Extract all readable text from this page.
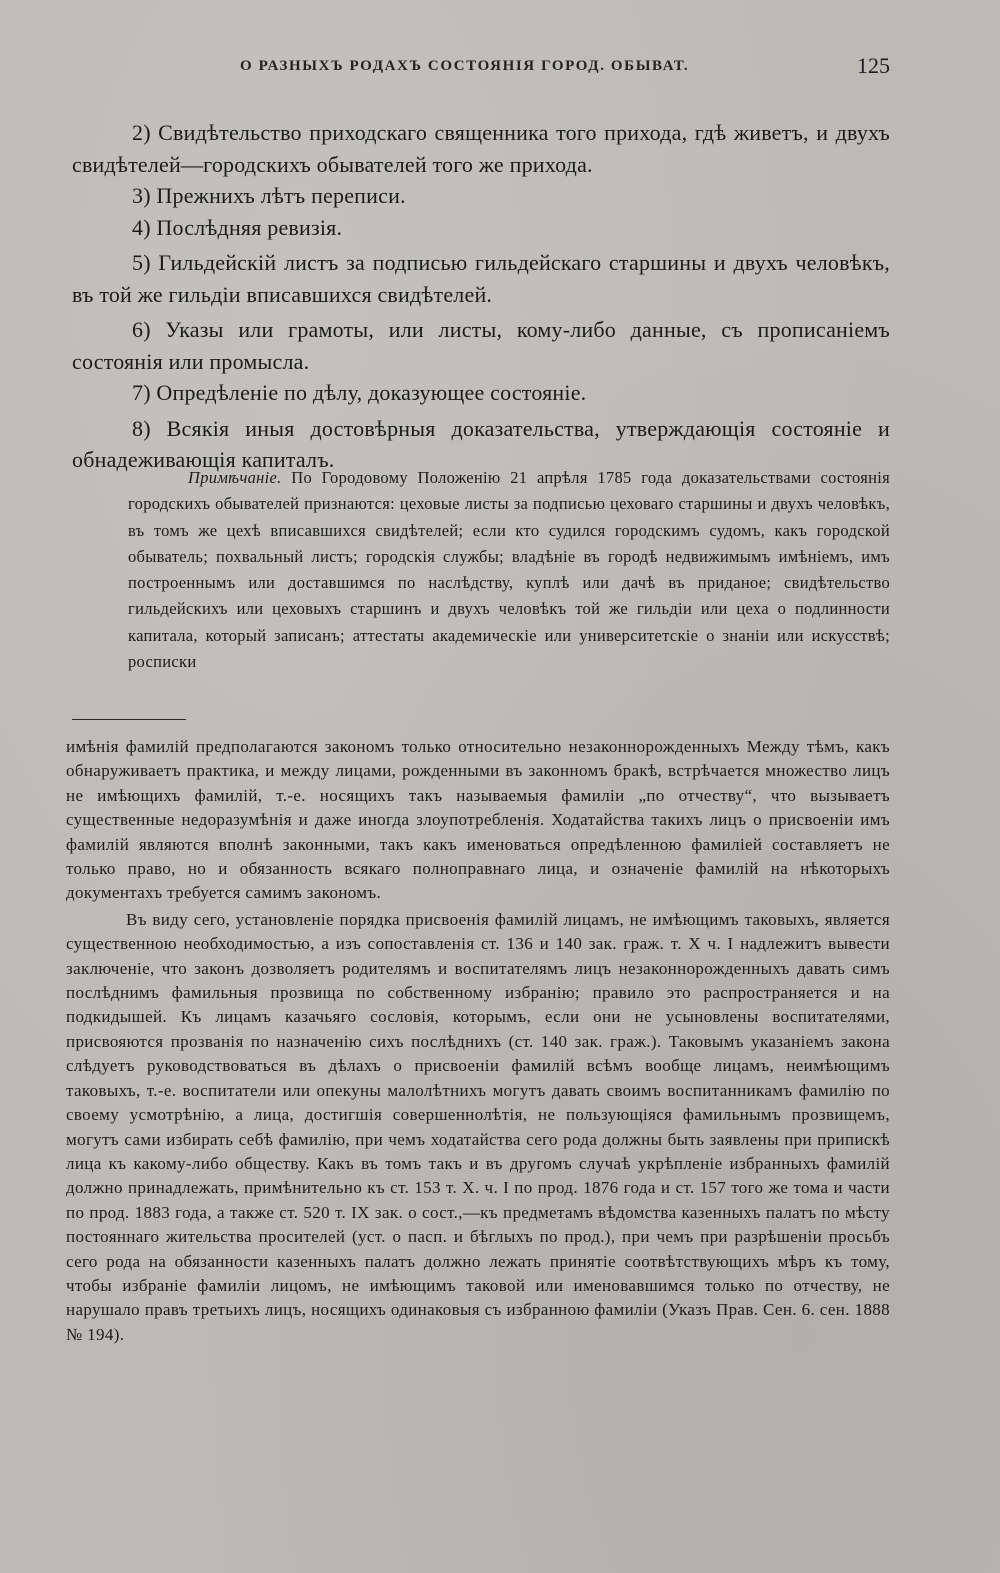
О РАЗНЫХЪ РОДАХЪ СОСТОЯНІЯ ГОРОД. ОБЫВАТ.	125

2) Свидѣтельство приходскаго священника того прихода, гдѣ живетъ, и двухъ свидѣтелей—городскихъ обывателей того же прихода.

3) Прежнихъ лѣтъ переписи.

4) Послѣдняя ревизія.

5) Гильдейскій листъ за подписью гильдейскаго старшины и двухъ человѣкъ, въ той же гильдіи вписавшихся свидѣтелей.

6) Указы или грамоты, или листы, кому-либо данные, съ прописаніемъ состоянія или промысла.

7) Опредѣленіе по дѣлу, доказующее состояніе.

8) Всякія иныя достовѣрныя доказательства, утверждающія состояніе и обнадеживающія капиталъ.

Примѣчаніе. По Городовому Положенію 21 апрѣля 1785 года доказательствами состоянія городскихъ обывателей признаются: цеховые листы за подписью цеховаго старшины и двухъ человѣкъ, въ томъ же цехѣ вписавшихся свидѣтелей; если кто судился городскимъ судомъ, какъ городской обыватель; похвальный листъ; городскія службы; владѣніе въ городѣ недвижимымъ имѣніемъ, имъ построеннымъ или доставшимся по наслѣдству, куплѣ или дачѣ въ приданое; свидѣтельство гильдейскихъ или цеховыхъ старшинъ и двухъ человѣкъ той же гильдіи или цеха о подлинности капитала, который записанъ; аттестаты академическіе или университетскіе о знаніи или искусствѣ; росписки

имѣнія фамилій предполагаются закономъ только относительно незаконнорожденныхъ Между тѣмъ, какъ обнаруживаетъ практика, и между лицами, рожденными въ законномъ бракѣ, встрѣчается множество лицъ не имѣющихъ фамилій, т.-е. носящихъ такъ называемыя фамиліи „по отчеству“, что вызываетъ существенные недоразумѣнія и даже иногда злоупотребленія. Ходатайства такихъ лицъ о присвоеніи имъ фамилій являются вполнѣ законными, такъ какъ именоваться опредѣленною фамиліей составляетъ не только право, но и обязанность всякаго полноправнаго лица, и означеніе фамилій на нѣкоторыхъ документахъ требуется самимъ закономъ.

Въ виду сего, установленіе порядка присвоенія фамилій лицамъ, не имѣющимъ таковыхъ, является существенною необходимостью, а изъ сопоставленія ст. 136 и 140 зак. граж. т. X ч. I надлежитъ вывести заключеніе, что законъ дозволяетъ родителямъ и воспитателямъ лицъ незаконнорожденныхъ давать симъ послѣднимъ фамильныя прозвища по собственному избранію; правило это распространяется и на подкидышей. Къ лицамъ казачьяго сословія, которымъ, если они не усыновлены воспитателями, присвояются прозванія по назначенію сихъ послѣднихъ (ст. 140 зак. граж.). Таковымъ указаніемъ закона слѣдуетъ руководствоваться въ дѣлахъ о присвоеніи фамилій всѣмъ вообще лицамъ, неимѣющимъ таковыхъ, т.-е. воспитатели или опекуны малолѣтнихъ могутъ давать своимъ воспитанникамъ фамилію по своему усмотрѣнію, а лица, достигшія совершеннолѣтія, не пользующіяся фамильнымъ прозвищемъ, могутъ сами избирать себѣ фамилію, при чемъ ходатайства сего рода должны быть заявлены при припискѣ лица къ какому-либо обществу. Какъ въ томъ такъ и въ другомъ случаѣ укрѣпленіе избранныхъ фамилій должно принадлежать, примѣнительно къ ст. 153 т. X. ч. I по прод. 1876 года и ст. 157 того же тома и части по прод. 1883 года, а также ст. 520 т. IX зак. о сост.,—къ предметамъ вѣдомства казенныхъ палатъ по мѣсту постояннаго жительства просителей (уст. о пасп. и бѣглыхъ по прод.), при чемъ при разрѣшеніи просьбъ сего рода на обязанности казенныхъ палатъ должно лежать принятіе соотвѣтствующихъ мѣръ къ тому, чтобы избраніе фамиліи лицомъ, не имѣющимъ таковой или именовавшимся только по отчеству, не нарушало правъ третьихъ лицъ, носящихъ одинаковыя съ избранною фамиліи (Указъ Прав. Сен. 6. сен. 1888 № 194).
